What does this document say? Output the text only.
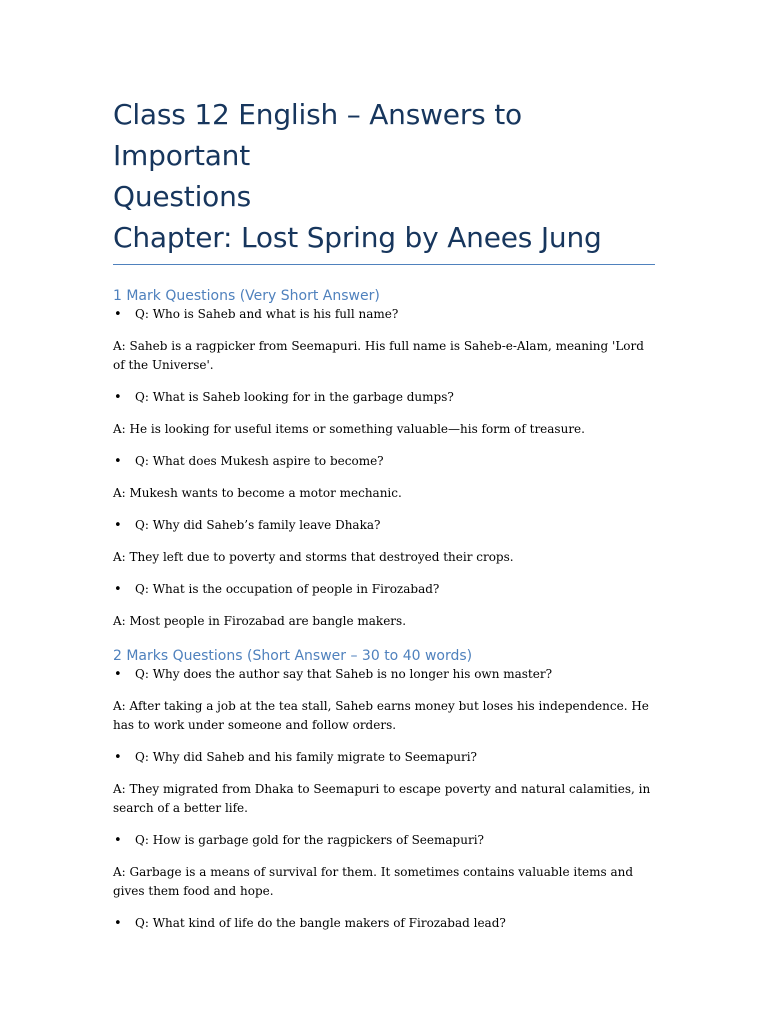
Class 12 English – Answers to Important
Questions
Chapter: Lost Spring by Anees Jung
1 Mark Questions (Very Short Answer)

• Q: Who is Saheb and what is his full name?

A: Saheb is a ragpicker from Seemapuri. His full name is Saheb-e-Alam, meaning 'Lord of the Universe'.

• Q: What is Saheb looking for in the garbage dumps?

A: He is looking for useful items or something valuable—his form of treasure.

• Q: What does Mukesh aspire to become?

A: Mukesh wants to become a motor mechanic.

• Q: Why did Saheb’s family leave Dhaka?

A: They left due to poverty and storms that destroyed their crops.

• Q: What is the occupation of people in Firozabad?

A: Most people in Firozabad are bangle makers.

2 Marks Questions (Short Answer – 30 to 40 words)

• Q: Why does the author say that Saheb is no longer his own master?

A: After taking a job at the tea stall, Saheb earns money but loses his independence. He has to work under someone and follow orders.

• Q: Why did Saheb and his family migrate to Seemapuri?

A: They migrated from Dhaka to Seemapuri to escape poverty and natural calamities, in search of a better life.

• Q: How is garbage gold for the ragpickers of Seemapuri?

A: Garbage is a means of survival for them. It sometimes contains valuable items and gives them food and hope.

• Q: What kind of life do the bangle makers of Firozabad lead?
